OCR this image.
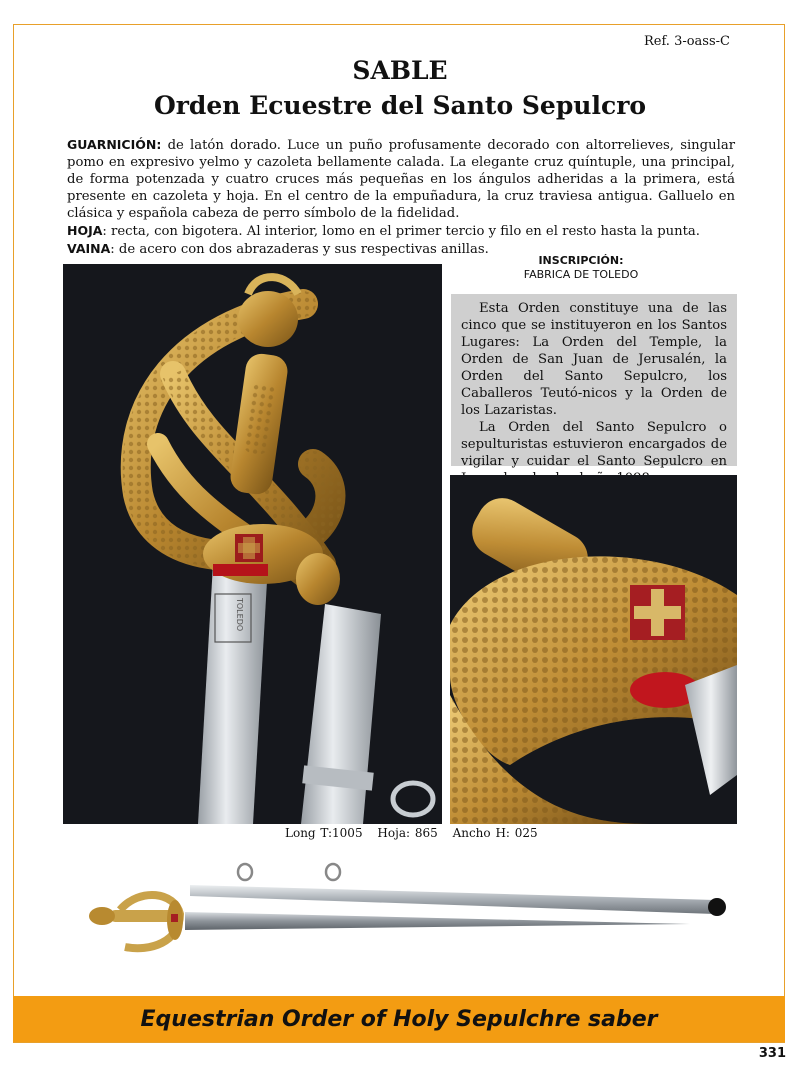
Ref. 3-oass-C
SABLE
Orden Ecuestre del Santo Sepulcro

GUARNICIÓN: de latón dorado. Luce un puño profusamente decorado con altorrelieves, singular pomo en expresivo yelmo y cazoleta bellamente calada. La elegante cruz quíntuple, una principal, de forma potenzada y cuatro cruces más pequeñas en los ángulos adheridas a la primera, está presente en cazoleta y hoja. En el centro de la empuñadura, la cruz traviesa antigua. Galluelo en clásica y española cabeza de perro símbolo de la fidelidad.

HOJA: recta, con bigotera. Al interior, lomo en el primer tercio y filo en el resto hasta la punta.

VAINA: de acero con dos abrazaderas y sus respectivas anillas.

INSCRIPCIÓN:
FABRICA DE TOLEDO
TOLEDO

Esta Orden constituye una de las cinco que se instituyeron en los Santos Lugares: La Orden del Temple, la Orden de San Juan de Jerusalén, la Orden del Santo Sepulcro, los Caballeros Teutó-nicos y la Orden de los Lazaristas.

La Orden del Santo Sepulcro o sepulturistas estuvieron encargados de vigilar y cuidar el Santo Sepulcro en

Long T:1005 Hoja: 865 Ancho H: 025
Equestrian Order of Holy Sepulchre saber
331
